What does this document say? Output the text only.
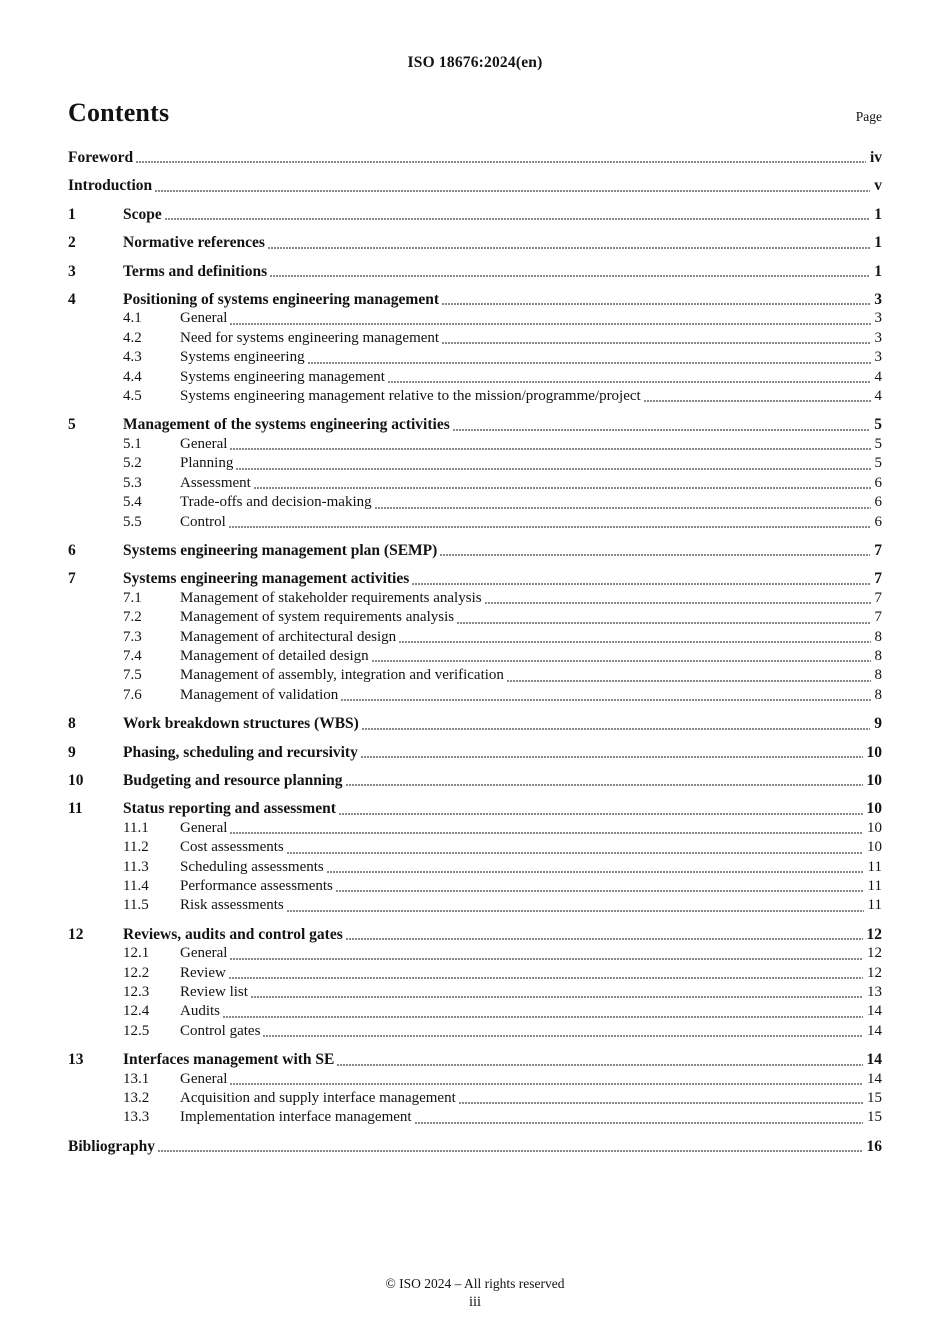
ISO 18676:2024(en)
Contents	Page
Foreword	iv
Introduction	v
1	Scope	1
2	Normative references	1
3	Terms and definitions	1
4	Positioning of systems engineering management	3
4.1	General	3
4.2	Need for systems engineering management	3
4.3	Systems engineering	3
4.4	Systems engineering management	4
4.5	Systems engineering management relative to the mission/programme/project	4
5	Management of the systems engineering activities	5
5.1	General	5
5.2	Planning	5
5.3	Assessment	6
5.4	Trade-offs and decision-making	6
5.5	Control	6
6	Systems engineering management plan (SEMP)	7
7	Systems engineering management activities	7
7.1	Management of stakeholder requirements analysis	7
7.2	Management of system requirements analysis	7
7.3	Management of architectural design	8
7.4	Management of detailed design	8
7.5	Management of assembly, integration and verification	8
7.6	Management of validation	8
8	Work breakdown structures (WBS)	9
9	Phasing, scheduling and recursivity	10
10	Budgeting and resource planning	10
11	Status reporting and assessment	10
11.1	General	10
11.2	Cost assessments	10
11.3	Scheduling assessments	11
11.4	Performance assessments	11
11.5	Risk assessments	11
12	Reviews, audits and control gates	12
12.1	General	12
12.2	Review	12
12.3	Review list	13
12.4	Audits	14
12.5	Control gates	14
13	Interfaces management with SE	14
13.1	General	14
13.2	Acquisition and supply interface management	15
13.3	Implementation interface management	15
Bibliography	16
© ISO 2024 – All rights reserved
iii
